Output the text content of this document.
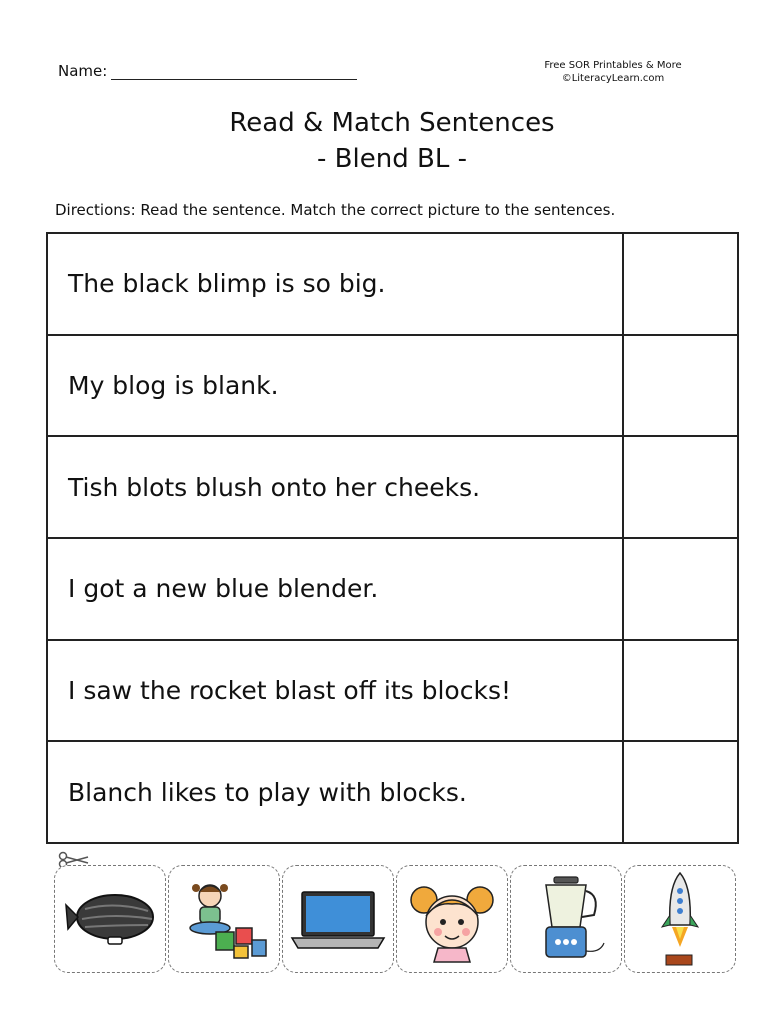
Name:	Free SOR Printables & More
©LiteracyLearn.com
Read & Match Sentences
- Blend BL -
Directions: Read the sentence. Match the correct picture to the sentences.
The black blimp is so big.
My blog is blank.
Tish blots blush onto her cheeks.
I got a new blue blender.
I saw the rocket blast off its blocks!
Blanch likes to play with blocks.
